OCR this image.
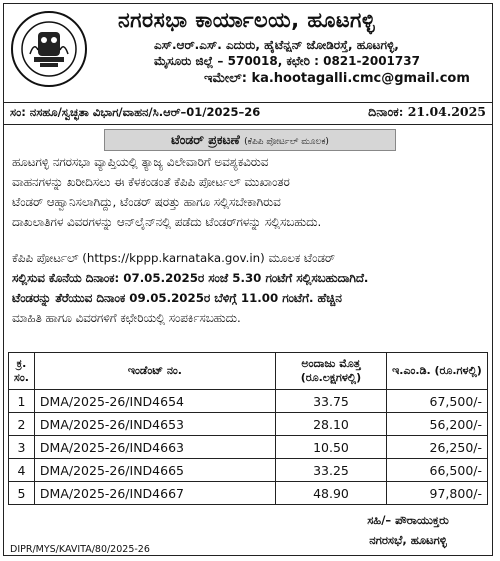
ನಗರಸಭಾ ಕಾರ್ಯಾಲಯ, ಹೂಟಗಳ್ಳಿ
ಎಸ್.ಆರ್.ಎಸ್. ಎದುರು, ಹೈಟೆನ್ಷನ್ ಜೋಡಿರಸ್ತೆ, ಹೂಟಗಳ್ಳಿ,
ಮೈಸೂರು ಜಿಲ್ಲೆ – 570018, ಕಛೇರಿ : 0821-2001737
ಇಮೇಲ್: ka.hootagalli.cmc@gmail.com
ಸಂ: ನಸಹೂ/ಸ್ವಚ್ಛತಾ ವಿಭಾಗ/ವಾಹನ/ಸಿ.ಆರ್–01/2025–26	ದಿನಾಂಕ: 21.04.2025
ಟೆಂಡರ್ ಪ್ರಕಟಣೆ (ಕೆಪಿಪಿ ಪೋರ್ಟಲ್ ಮೂಲಕ)
ಹೂಟಗಳ್ಳಿ ನಗರಸಭಾ ವ್ಯಾಪ್ತಿಯಲ್ಲಿ ತ್ಯಾಜ್ಯ ವಿಲೇವಾರಿಗೆ ಅವಶ್ಯಕವಿರುವ
ವಾಹನಗಳನ್ನು ಖರೀದಿಸಲು ಈ ಕೆಳಕಂಡಂತೆ ಕೆಪಿಪಿ ಪೋರ್ಟಲ್ ಮುಖಾಂತರ
ಟೆಂಡರ್ ಆಹ್ವಾನಿಸಲಾಗಿದ್ದು, ಟೆಂಡರ್ ಷರತ್ತು ಹಾಗೂ ಸಲ್ಲಿಸಬೇಕಾಗಿರುವ
ದಾಖಲಾತಿಗಳ ವಿವರಗಳನ್ನು ಆನ್‌ಲೈನ್‌ನಲ್ಲಿ ಪಡೆದು ಟೆಂಡರ್‌ಗಳನ್ನು ಸಲ್ಲಿಸಬಹುದು.
ಕೆಪಿಪಿ ಪೋರ್ಟಲ್ (https://kppp.karnataka.gov.in) ಮೂಲಕ ಟೆಂಡರ್
ಸಲ್ಲಿಸುವ ಕೊನೆಯ ದಿನಾಂಕ: 07.05.2025ರ ಸಂಜೆ 5.30 ಗಂಟೆಗೆ ಸಲ್ಲಿಸಬಹುದಾಗಿದೆ.
ಟೆಂಡರನ್ನು ತೆರೆಯುವ ದಿನಾಂಕ 09.05.2025ರ ಬೆಳಿಗ್ಗೆ 11.00 ಗಂಟೆಗೆ. ಹೆಚ್ಚಿನ
ಮಾಹಿತಿ ಹಾಗೂ ವಿವರಗಳಿಗೆ ಕಛೇರಿಯಲ್ಲಿ ಸಂಪರ್ಕಿಸಬಹುದು.
ಕ್ರ. ಸಂ.	ಇಂಡೆಂಟ್ ನಂ.	ಅಂದಾಜು ಮೊತ್ತ (ರೂ.ಲಕ್ಷಗಳಲ್ಲಿ)	ಇ.ಎಂ.ಡಿ. (ರೂ.ಗಳಲ್ಲಿ)
1	DMA/2025-26/IND4654	33.75	67,500/-
2	DMA/2025-26/IND4653	28.10	56,200/-
3	DMA/2025-26/IND4663	10.50	26,250/-
4	DMA/2025-26/IND4665	33.25	66,500/-
5	DMA/2025-26/IND4667	48.90	97,800/-
ಸಹಿ/– ಪೌರಾಯುಕ್ತರು
ನಗರಸಭೆ, ಹೂಟಗಳ್ಳಿ
DIPR/MYS/KAVITA/80/2025-26
